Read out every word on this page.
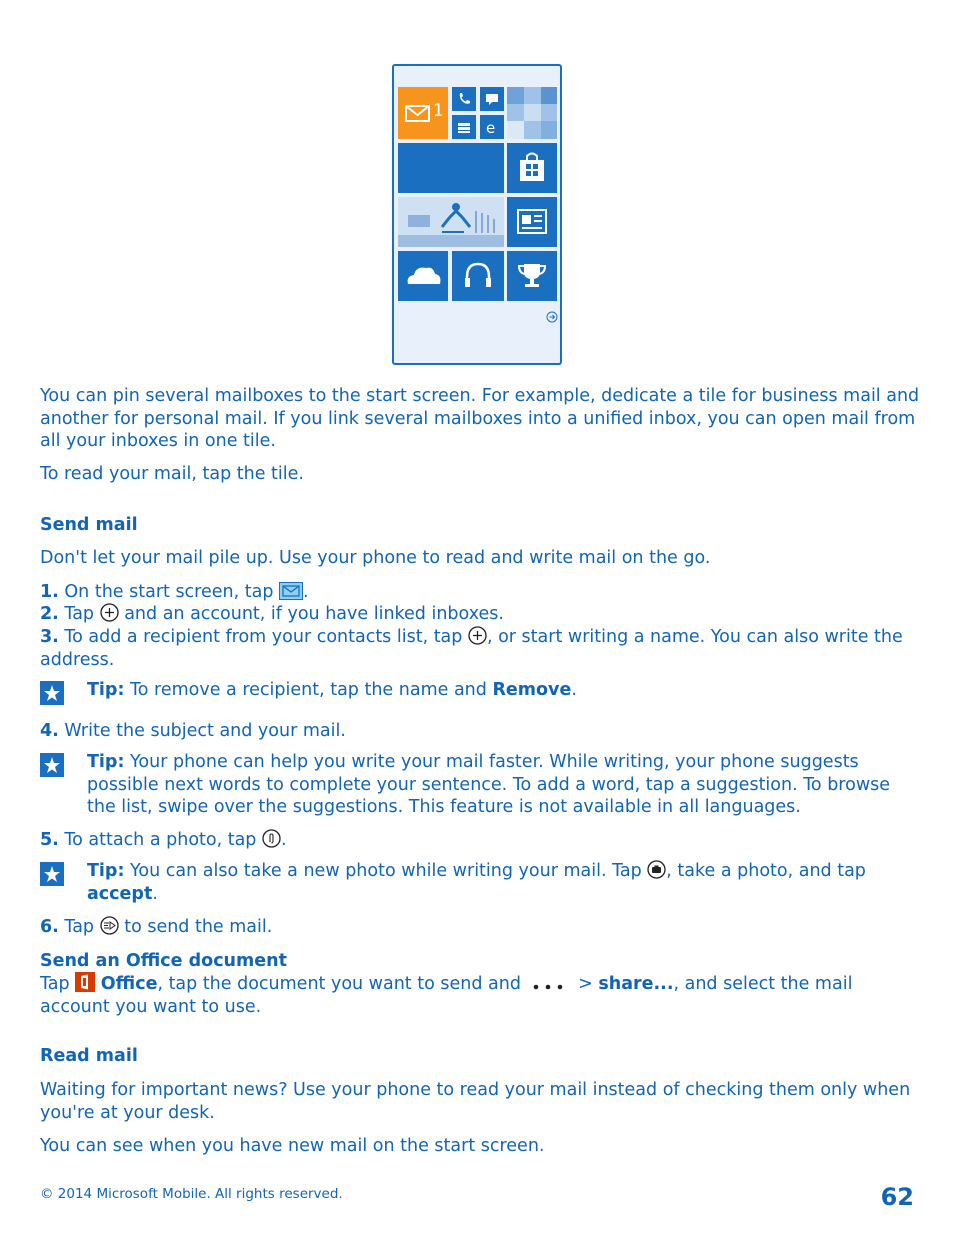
1
e

You can pin several mailboxes to the start screen. For example, dedicate a tile for business mail and another for personal mail. If you link several mailboxes into a unified inbox, you can open mail from all your inboxes in one tile.

To read your mail, tap the tile.

Send mail

Don't let your mail pile up. Use your phone to read and write mail on the go.

1. On the start screen, tap .

2. Tap and an account, if you have linked inboxes.

3. To add a recipient from your contacts list, tap , or start writing a name. You can also write the address.

Tip: To remove a recipient, tap the name and Remove.

4. Write the subject and your mail.

Tip: Your phone can help you write your mail faster. While writing, your phone suggests possible next words to complete your sentence. To add a word, tap a suggestion. To browse the list, swipe over the suggestions. This feature is not available in all languages.

5. To attach a photo, tap .

Tip: You can also take a new photo while writing your mail. Tap , take a photo, and tap accept.

6. Tap to send the mail.

Send an Office document

Tap Office, tap the document you want to send and	> share..., and select the mail account you want to use.

Read mail

Waiting for important news? Use your phone to read your mail instead of checking them only when you're at your desk.

You can see when you have new mail on the start screen.

© 2014 Microsoft Mobile. All rights reserved.	62
